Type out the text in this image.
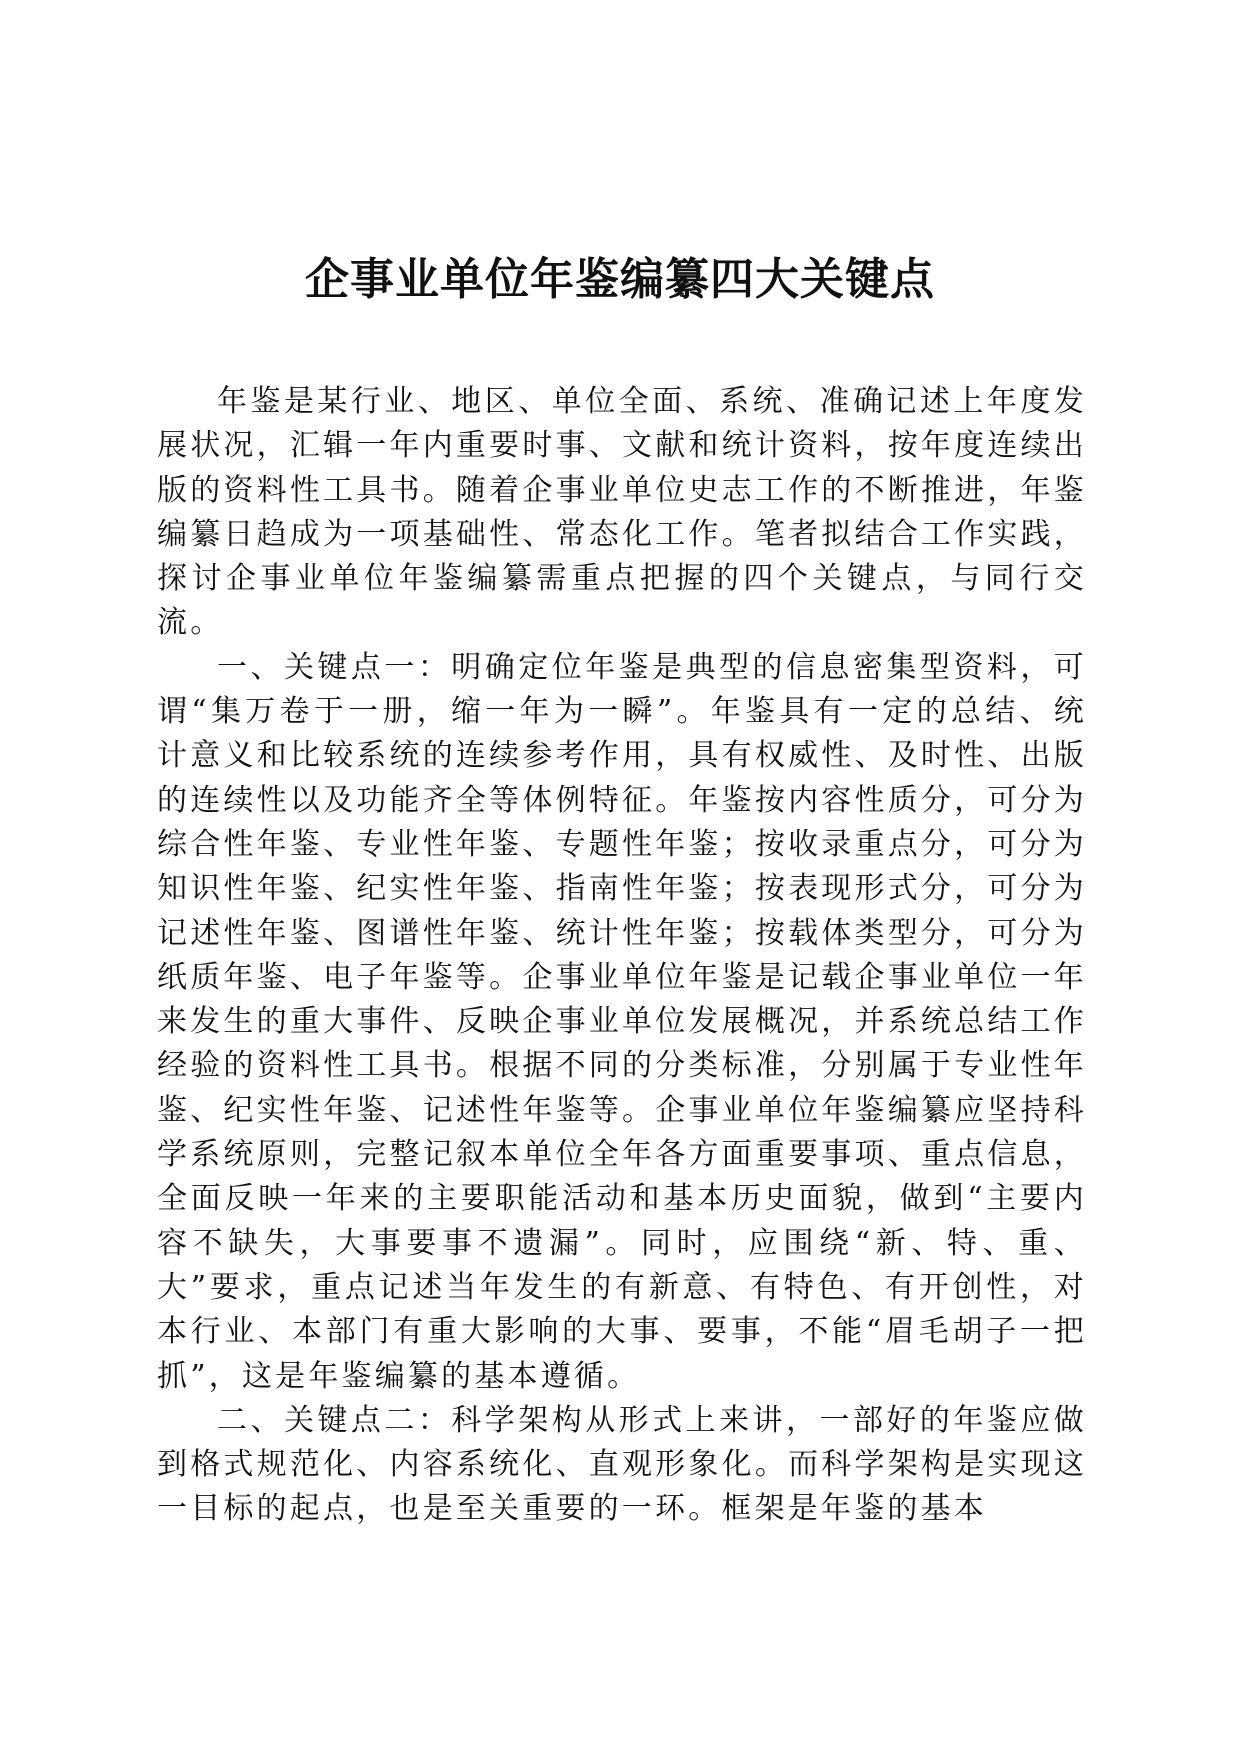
企事业单位年鉴编纂四大关键点

年鉴是某行业、地区、单位全面、系统、准确记述上年度发展状况，汇辑一年内重要时事、文献和统计资料，按年度连续出版的资料性工具书。随着企事业单位史志工作的不断推进，年鉴编纂日趋成为一项基础性、常态化工作。笔者拟结合工作实践，探讨企事业单位年鉴编纂需重点把握的四个关键点，与同行交流。

一、关键点一：明确定位年鉴是典型的信息密集型资料，可谓“集万卷于一册，缩一年为一瞬”。年鉴具有一定的总结、统计意义和比较系统的连续参考作用，具有权威性、及时性、出版的连续性以及功能齐全等体例特征。年鉴按内容性质分，可分为综合性年鉴、专业性年鉴、专题性年鉴；按收录重点分，可分为知识性年鉴、纪实性年鉴、指南性年鉴；按表现形式分，可分为记述性年鉴、图谱性年鉴、统计性年鉴；按载体类型分，可分为纸质年鉴、电子年鉴等。企事业单位年鉴是记载企事业单位一年来发生的重大事件、反映企事业单位发展概况，并系统总结工作经验的资料性工具书。根据不同的分类标准，分别属于专业性年鉴、纪实性年鉴、记述性年鉴等。企事业单位年鉴编纂应坚持科学系统原则，完整记叙本单位全年各方面重要事项、重点信息，全面反映一年来的主要职能活动和基本历史面貌，做到“主要内容不缺失，大事要事不遗漏”。同时，应围绕“新、特、重、大”要求，重点记述当年发生的有新意、有特色、有开创性，对本行业、本部门有重大影响的大事、要事，不能“眉毛胡子一把抓”，这是年鉴编纂的基本遵循。

二、关键点二：科学架构从形式上来讲，一部好的年鉴应做到格式规范化、内容系统化、直观形象化。而科学架构是实现这一目标的起点，也是至关重要的一环。框架是年鉴的基本
